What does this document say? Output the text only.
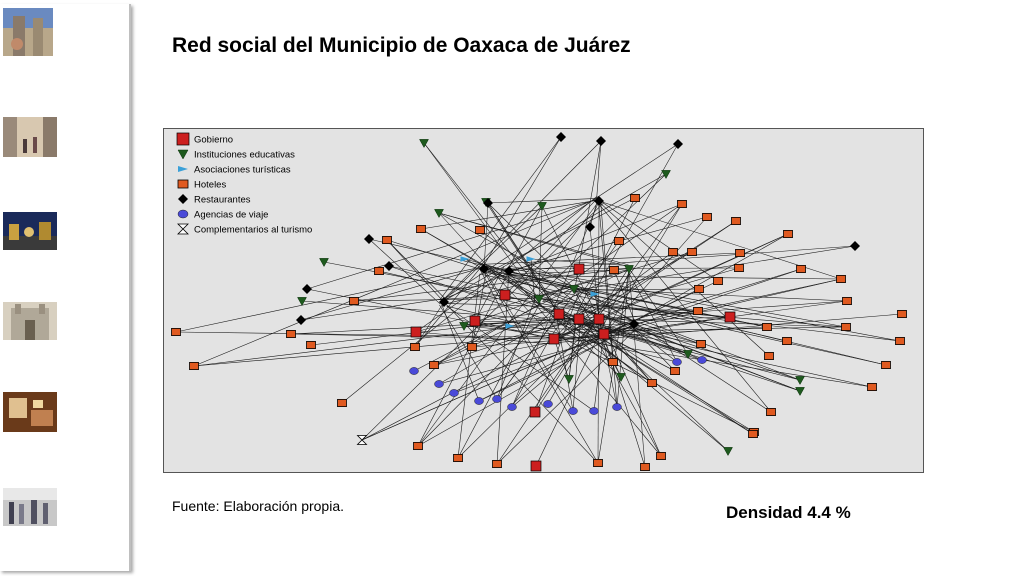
Red social del Municipio de Oaxaca de Juárez
Gobierno
Instituciones educativas
Asociaciones turísticas
Hoteles
Restaurantes
Agencias de viaje
Complementarios al turismo
Fuente: Elaboración propia.	Densidad 4.4 %
